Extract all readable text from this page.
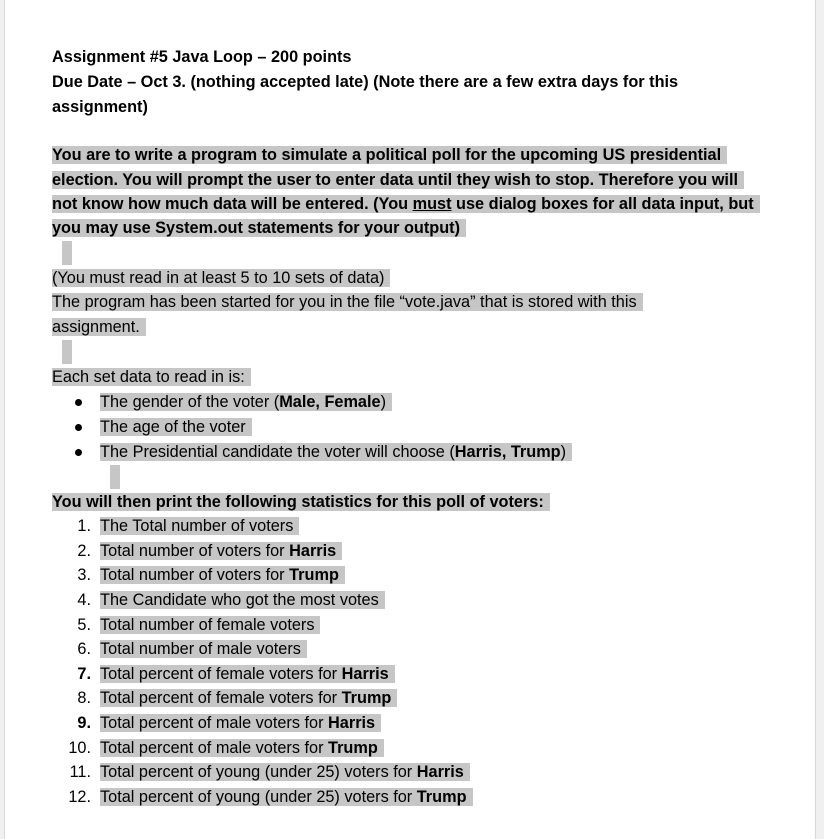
Assignment #5 Java Loop – 200 points
Due Date – Oct 3. (nothing accepted late) (Note there are a few extra days for this
assignment)
You are to write a program to simulate a political poll for the upcoming US presidential
election. You will prompt the user to enter data until they wish to stop. Therefore you will
not know how much data will be entered. (You must use dialog boxes for all data input, but
you may use System.out statements for your output)
(You must read in at least 5 to 10 sets of data)
The program has been started for you in the file “vote.java” that is stored with this
assignment.
Each set data to read in is:
The gender of the voter (Male, Female)
The age of the voter
The Presidential candidate the voter will choose (Harris, Trump)
You will then print the following statistics for this poll of voters:
1. The Total number of voters
2. Total number of voters for Harris
3. Total number of voters for Trump
4. The Candidate who got the most votes
5. Total number of female voters
6. Total number of male voters
7. Total percent of female voters for Harris
8. Total percent of female voters for Trump
9. Total percent of male voters for Harris
10. Total percent of male voters for Trump
11. Total percent of young (under 25) voters for Harris
12. Total percent of young (under 25) voters for Trump
